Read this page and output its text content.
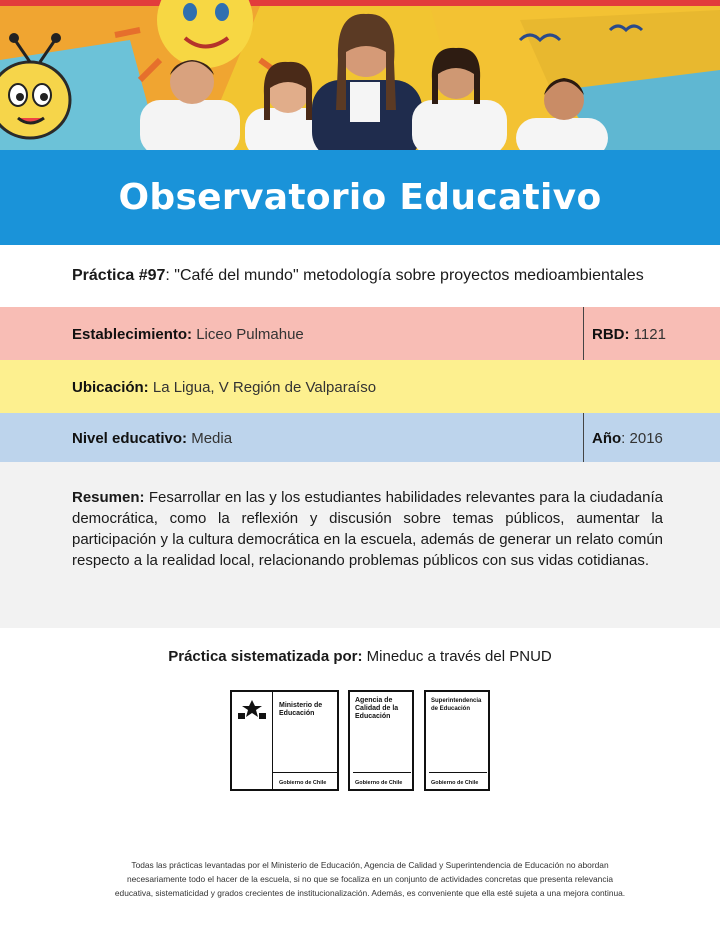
Observatorio Educativo
Práctica #97: "Café del mundo" metodología sobre proyectos medioambientales
Establecimiento: Liceo Pulmahue	RBD: 1121
Ubicación: La Ligua, V Región de Valparaíso
Nivel educativo: Media	Año: 2016
Resumen: Fesarrollar en las y los estudiantes habilidades relevantes para la ciudadanía democrática, como la reflexión y discusión sobre temas públicos, aumentar la participación y la cultura democrática en la escuela, además de generar un relato común respecto a la realidad local, relacionando problemas públicos con sus vidas cotidianas.
Práctica sistematizada por: Mineduc a través del PNUD
Ministerio de
Educación
Gobierno de Chile
Agencia de
Calidad de la
Educación
Gobierno de Chile
Superintendencia
de Educación
Gobierno de Chile
Todas las prácticas levantadas por el Ministerio de Educación, Agencia de Calidad y Superintendencia de Educación no abordan
necesariamente todo el hacer de la escuela, si no que se focaliza en un conjunto de actividades concretas que presenta relevancia
educativa, sistematicidad y grados crecientes de institucionalización. Además, es conveniente que ella esté sujeta a una mejora continua.
